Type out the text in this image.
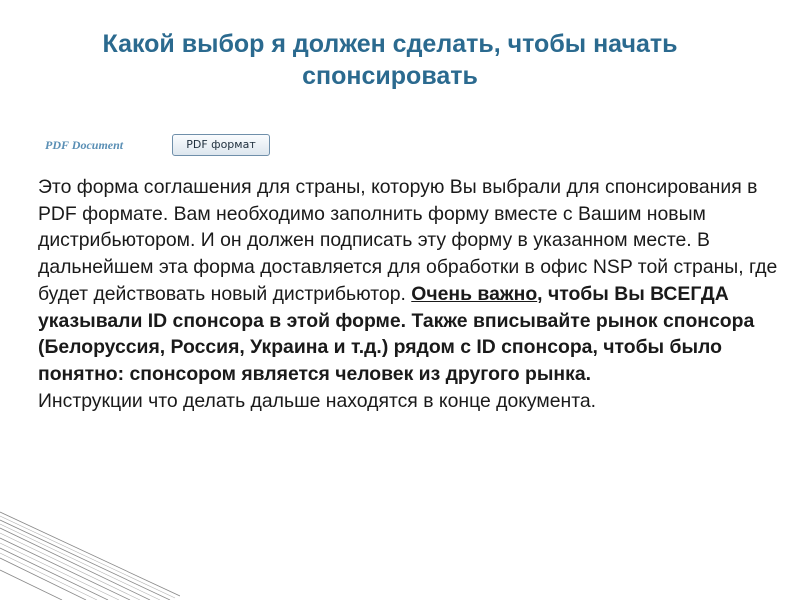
Какой выбор я должен сделать, чтобы начать спонсировать
PDF Document	PDF формат

Это форма соглашения для страны, которую Вы выбрали для спонсирования в PDF формате. Вам необходимо заполнить форму вместе с Вашим новым дистрибьютором. И он должен подписать эту форму в указанном месте. В дальнейшем эта форма доставляется для обработки в офис NSP той страны, где будет действовать новый дистрибьютор. Очень важно, чтобы Вы ВСЕГДА указывали ID спонсора в этой форме. Также вписывайте рынок спонсора (Белоруссия, Россия, Украина и т.д.) рядом с ID спонсора, чтобы было понятно: спонсором является человек из другого рынка.
Инструкции что делать дальше находятся в конце документа.
